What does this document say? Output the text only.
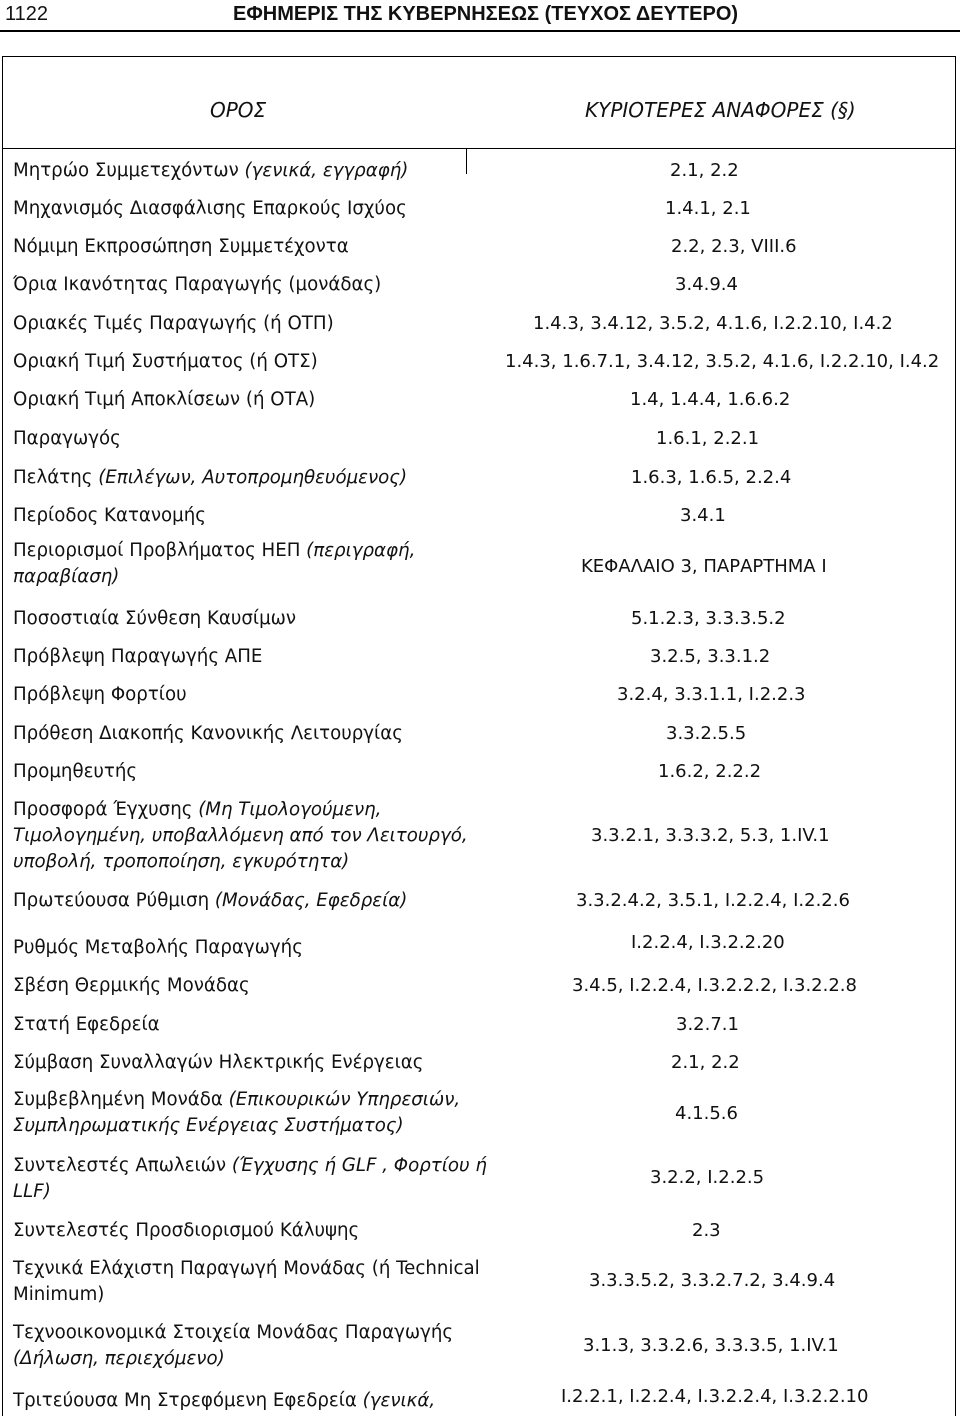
1122	ΕΦΗΜΕΡΙΣ ΤΗΣ ΚΥΒΕΡΝΗΣΕΩΣ (ΤΕΥΧΟΣ ΔΕΥΤΕΡΟ)
ΟΡΟΣ	ΚΥΡΙΟΤΕΡΕΣ ΑΝΑΦΟΡΕΣ (§)
Μητρώο Συμμετεχόντων (γενικά, εγγραφή)	2.1, 2.2
Μηχανισμός Διασφάλισης Επαρκούς Ισχύος	1.4.1, 2.1
Νόμιμη Εκπροσώπηση Συμμετέχοντα	2.2, 2.3, VIII.6
Όρια Ικανότητας Παραγωγής (μονάδας)	3.4.9.4
Οριακές Τιμές Παραγωγής (ή ΟΤΠ)	1.4.3, 3.4.12, 3.5.2, 4.1.6, I.2.2.10, I.4.2
Οριακή Τιμή Συστήματος (ή ΟΤΣ)	1.4.3, 1.6.7.1, 3.4.12, 3.5.2, 4.1.6, I.2.2.10, I.4.2
Οριακή Τιμή Αποκλίσεων (ή ΟΤΑ)	1.4, 1.4.4, 1.6.6.2
Παραγωγός	1.6.1, 2.2.1
Πελάτης (Επιλέγων, Αυτοπρομηθευόμενος)	1.6.3, 1.6.5, 2.2.4
Περίοδος Κατανομής	3.4.1
Περιορισμοί Προβλήματος ΗΕΠ (περιγραφή,
παραβίαση)	ΚΕΦΑΛΑΙΟ 3, ΠΑΡΑΡΤΗΜΑ Ι
Ποσοστιαία Σύνθεση Καυσίμων	5.1.2.3, 3.3.3.5.2
Πρόβλεψη Παραγωγής ΑΠΕ	3.2.5, 3.3.1.2
Πρόβλεψη Φορτίου	3.2.4, 3.3.1.1, I.2.2.3
Πρόθεση Διακοπής Κανονικής Λειτουργίας	3.3.2.5.5
Προμηθευτής	1.6.2, 2.2.2
Προσφορά Έγχυσης (Μη Τιμολογούμενη,
Τιμολογημένη, υποβαλλόμενη από τον Λειτουργό,
υποβολή, τροποποίηση, εγκυρότητα)
3.3.2.1, 3.3.3.2, 5.3, 1.IV.1
Πρωτεύουσα Ρύθμιση (Μονάδας, Εφεδρεία)	3.3.2.4.2, 3.5.1, I.2.2.4, I.2.2.6
Ρυθμός Μεταβολής Παραγωγής	I.2.2.4, I.3.2.2.20
Σβέση Θερμικής Μονάδας	3.4.5, I.2.2.4, I.3.2.2.2, I.3.2.2.8
Στατή Εφεδρεία	3.2.7.1
Σύμβαση Συναλλαγών Ηλεκτρικής Ενέργειας	2.1, 2.2
Συμβεβλημένη Μονάδα (Επικουρικών Υπηρεσιών,
Συμπληρωματικής Ενέργειας Συστήματος)
4.1.5.6
Συντελεστές Απωλειών (Έγχυσης ή GLF , Φορτίου ή
LLF)
3.2.2, I.2.2.5
Συντελεστές Προσδιορισμού Κάλυψης	2.3
Τεχνικά Ελάχιστη Παραγωγή Μονάδας (ή Technical
Minimum)
3.3.3.5.2, 3.3.2.7.2, 3.4.9.4
Τεχνοοικονομικά Στοιχεία Μονάδας Παραγωγής
(Δήλωση, περιεχόμενο)
3.1.3, 3.3.2.6, 3.3.3.5, 1.IV.1
Τριτεύουσα Μη Στρεφόμενη Εφεδρεία (γενικά,	I.2.2.1, I.2.2.4, I.3.2.2.4, I.3.2.2.10
